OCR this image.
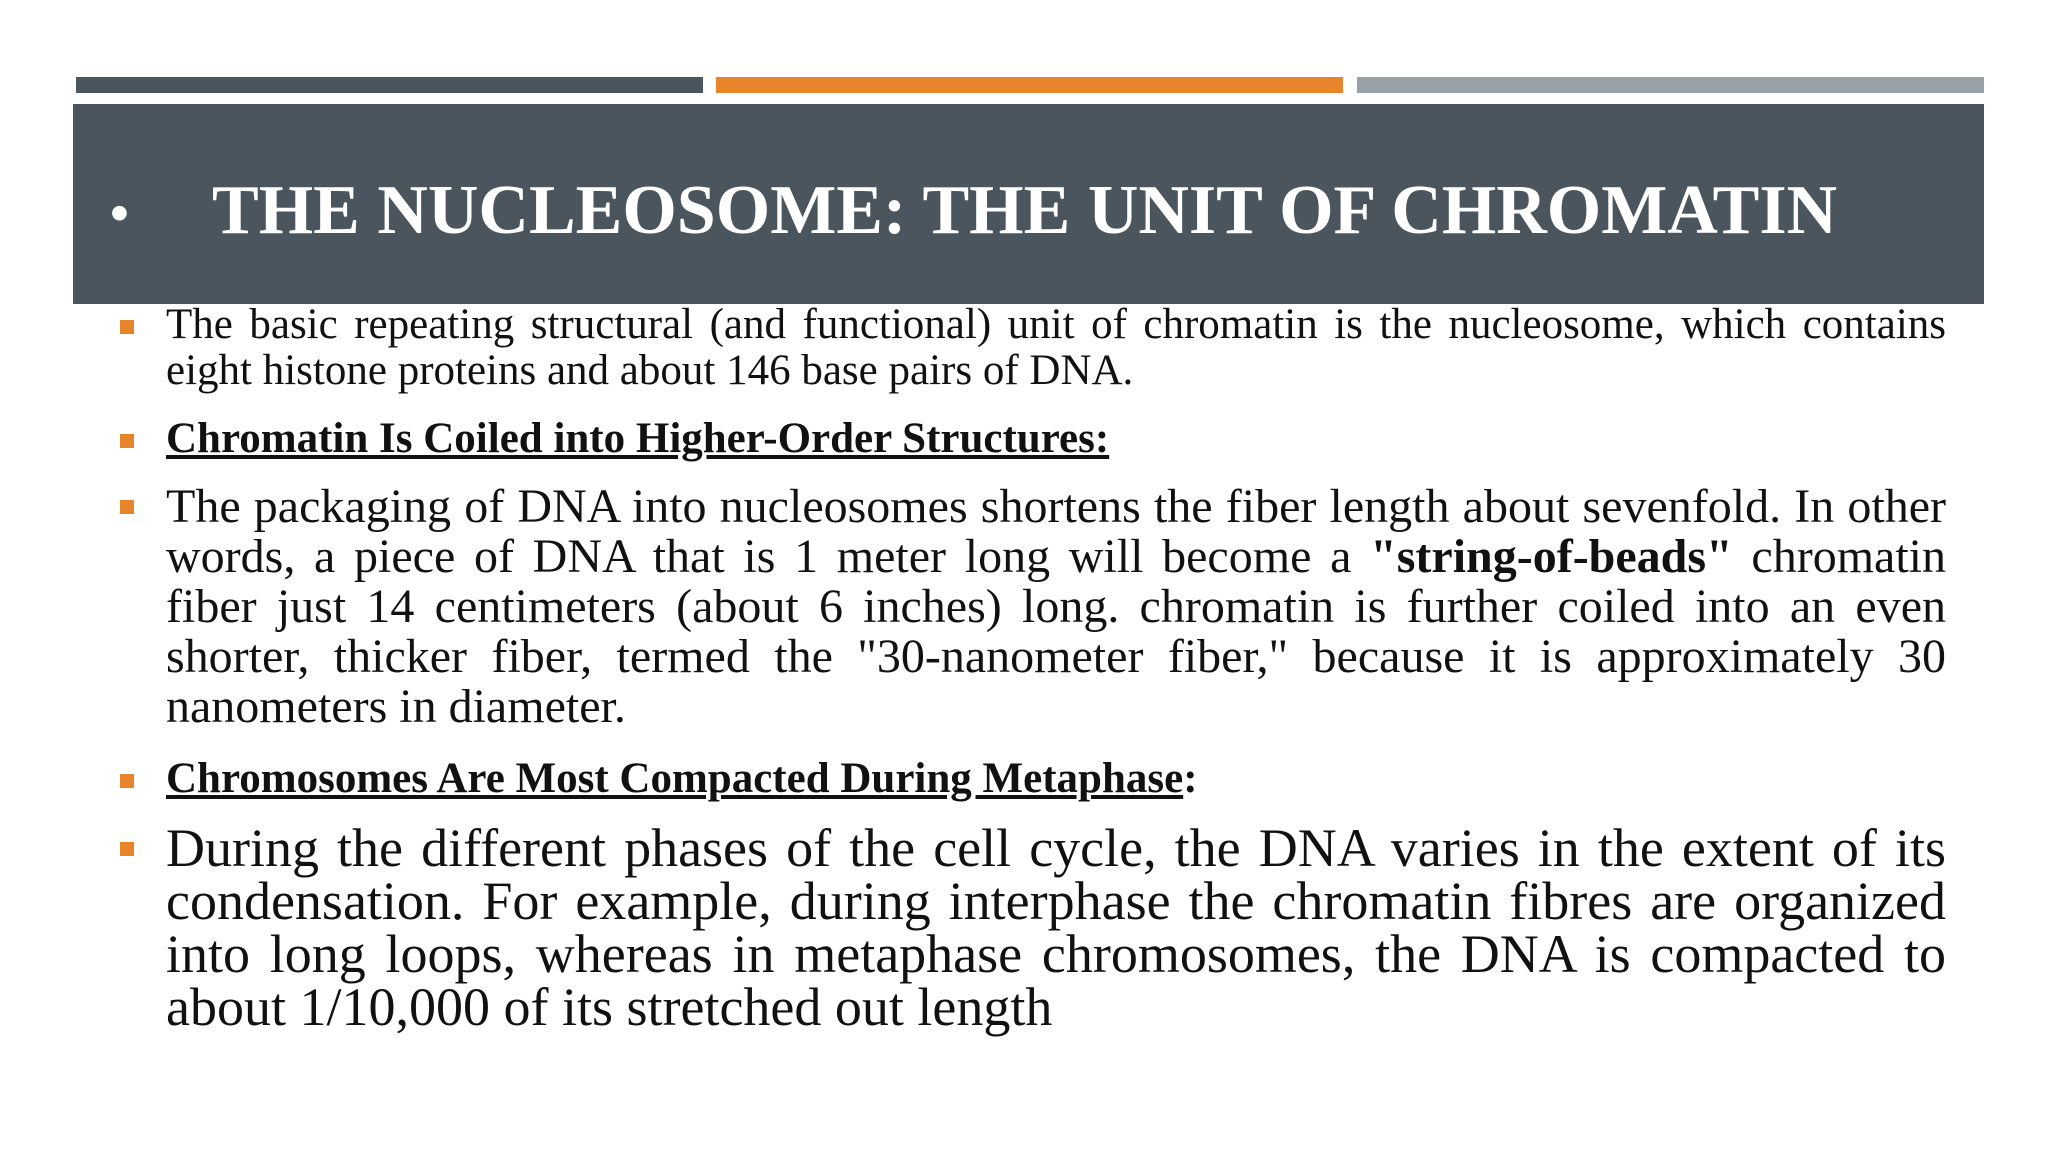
• THE NUCLEOSOME: THE UNIT OF CHROMATIN
The basic repeating structural (and functional) unit of chromatin is the nucleosome, which contains eight histone proteins and about 146 base pairs of DNA.
Chromatin Is Coiled into Higher-Order Structures:
The packaging of DNA into nucleosomes shortens the fiber length about sevenfold. In other words, a piece of DNA that is 1 meter long will become a "string-of-beads" chromatin fiber just 14 centimeters (about 6 inches) long. chromatin is further coiled into an even shorter, thicker fiber, termed the "30-nanometer fiber," because it is approximately 30 nanometers in diameter.
Chromosomes Are Most Compacted During Metaphase:
During the different phases of the cell cycle, the DNA varies in the extent of its condensation. For example, during interphase the chromatin fibres are organized into long loops, whereas in metaphase chromosomes, the DNA is compacted to about 1/10,000 of its stretched out length
